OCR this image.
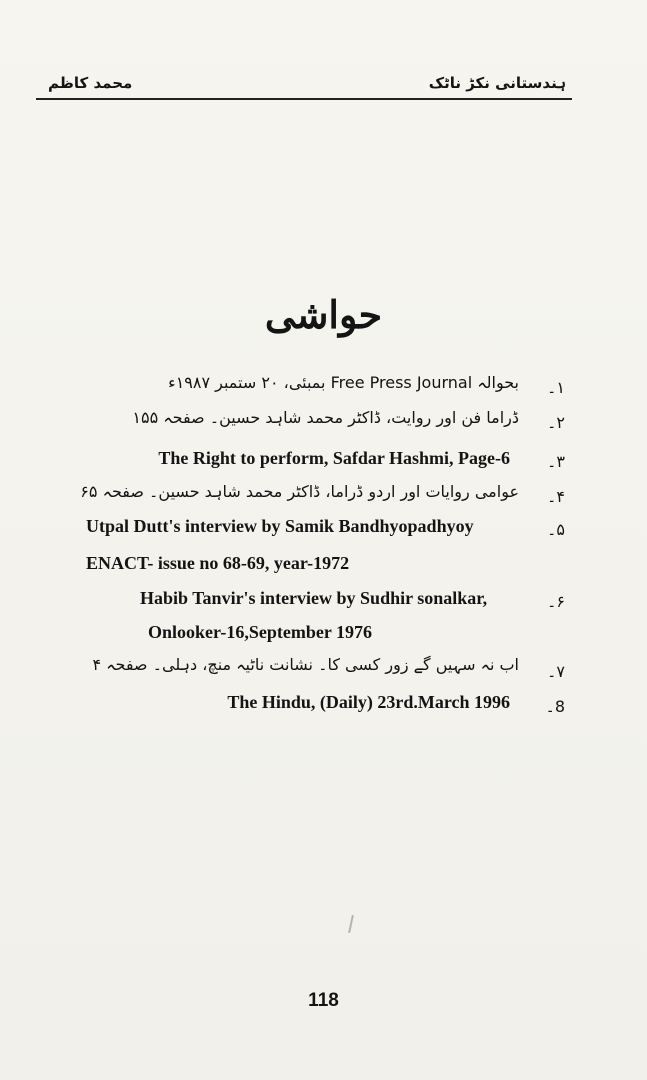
محمد کاظم	ہندستانی نکڑ ناٹک
حواشی
۱۔
بحوالہ Free Press Journal بمبئی، ۲۰ ستمبر ۱۹۸۷ء
۲۔
ڈراما فن اور روایت، ڈاکٹر محمد شاہد حسین۔ صفحہ ۱۵۵
۳۔
The Right to perform, Safdar Hashmi, Page-6
۴۔
عوامی روایات اور اردو ڈراما، ڈاکٹر محمد شاہد حسین۔ صفحہ ۶۵
۵۔
Utpal Dutt's interview by Samik Bandhyopadhyoy
ENACT- issue no 68-69, year-1972
۶۔
Habib Tanvir's interview by Sudhir sonalkar,
Onlooker-16,September 1976
۷۔
اب نہ سہیں گے زور کسی کا۔ نشانت ناٹیہ منچ، دہلی۔ صفحہ ۴
8۔
The Hindu, (Daily) 23rd.March 1996
118
